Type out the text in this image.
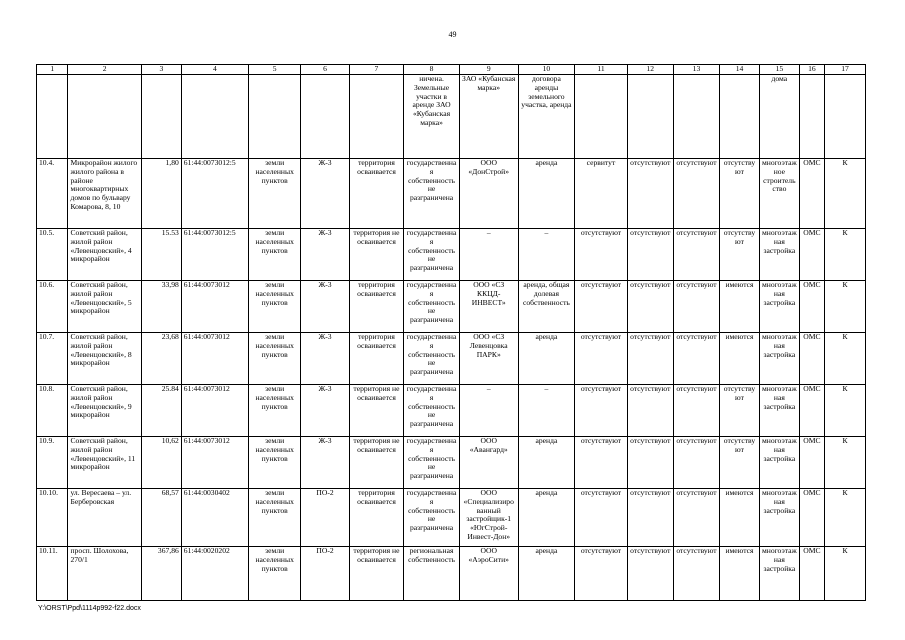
49
1	2	3	4	5	6	7	8	9	10	11	12	13	14	15	16	17
							ничена. Земельные участки в аренде ЗАО «Кубанская марка»	ЗАО «Кубанская марка»	договора аренды земельного участка, аренда					дома		
10.4.	Микрорайон жилого жилого района в районе многоквартирных домов по бульвару Комарова, 8, 10	1,80	61:44:0073012:5	земли населенных пунктов	Ж-3	территория осваивается	государственная собственность не разграничена	ООО «ДонСтрой»	аренда	сервитут	отсутствуют	отсутствуют	отсутствуют	многоэтажное строительство	ОМС	К
10.5.	Советский район, жилой район «Левенцовский», 4 микрорайон	15.53	61:44:0073012:5	земли населенных пунктов	Ж-3	территория не осваивается	государственная собственность не разграничена	–	–	отсутствуют	отсутствуют	отсутствуют	отсутствуют	многоэтажная застройка	ОМС	К
10.6.	Советский район, жилой район «Левенцовский», 5 микрорайон	33,98	61:44:0073012	земли населенных пунктов	Ж-3	территория осваивается	государственная собственность не разграничена	ООО «СЗ ККЦД-ИНВЕСТ»	аренда, общая долевая собственность	отсутствуют	отсутствуют	отсутствуют	имеются	многоэтажная застройка	ОМС	К
10.7.	Советский район, жилой район «Левенцовский», 8 микрорайон	23,68	61:44:0073012	земли населенных пунктов	Ж-3	территория осваивается	государственная собственность не разграничена	ООО «СЗ Левенцовка ПАРК»	аренда	отсутствуют	отсутствуют	отсутствуют	имеются	многоэтажная застройка	ОМС	К
10.8.	Советский район, жилой район «Левенцовский», 9 микрорайон	25.84	61:44:0073012	земли населенных пунктов	Ж-3	территория не осваивается	государственная собственность не разграничена	–	–	отсутствуют	отсутствуют	отсутствуют	отсутствуют	многоэтажная застройка	ОМС	К
10.9.	Советский район, жилой район «Левенцовский», 11 микрорайон	10,62	61:44:0073012	земли населенных пунктов	Ж-3	территория не осваивается	государственная собственность не разграничена	ООО «Авангард»	аренда	отсутствуют	отсутствуют	отсутствуют	отсутствуют	многоэтажная застройка	ОМС	К
10.10.	ул. Вересаева – ул. Берберовская	68,57	61:44:0030402	земли населенных пунктов	ПО-2	территория осваивается	государственная собственность не разграничена	ООО «Специализированный застройщик-1 «ЮгСтрой-Инвест-Дон»	аренда	отсутствуют	отсутствуют	отсутствуют	имеются	многоэтажная застройка	ОМС	К
10.11.	просп. Шолохова, 270/1	367,86	61:44:0020202	земли населенных пунктов	ПО-2	территория не осваивается	региональная собственность	ООО «АэроСити»	аренда	отсутствуют	отсутствуют	отсутствуют	имеются	многоэтажная застройка	ОМС	К
Y:\ORST\Ppd\1114p992-f22.docx
